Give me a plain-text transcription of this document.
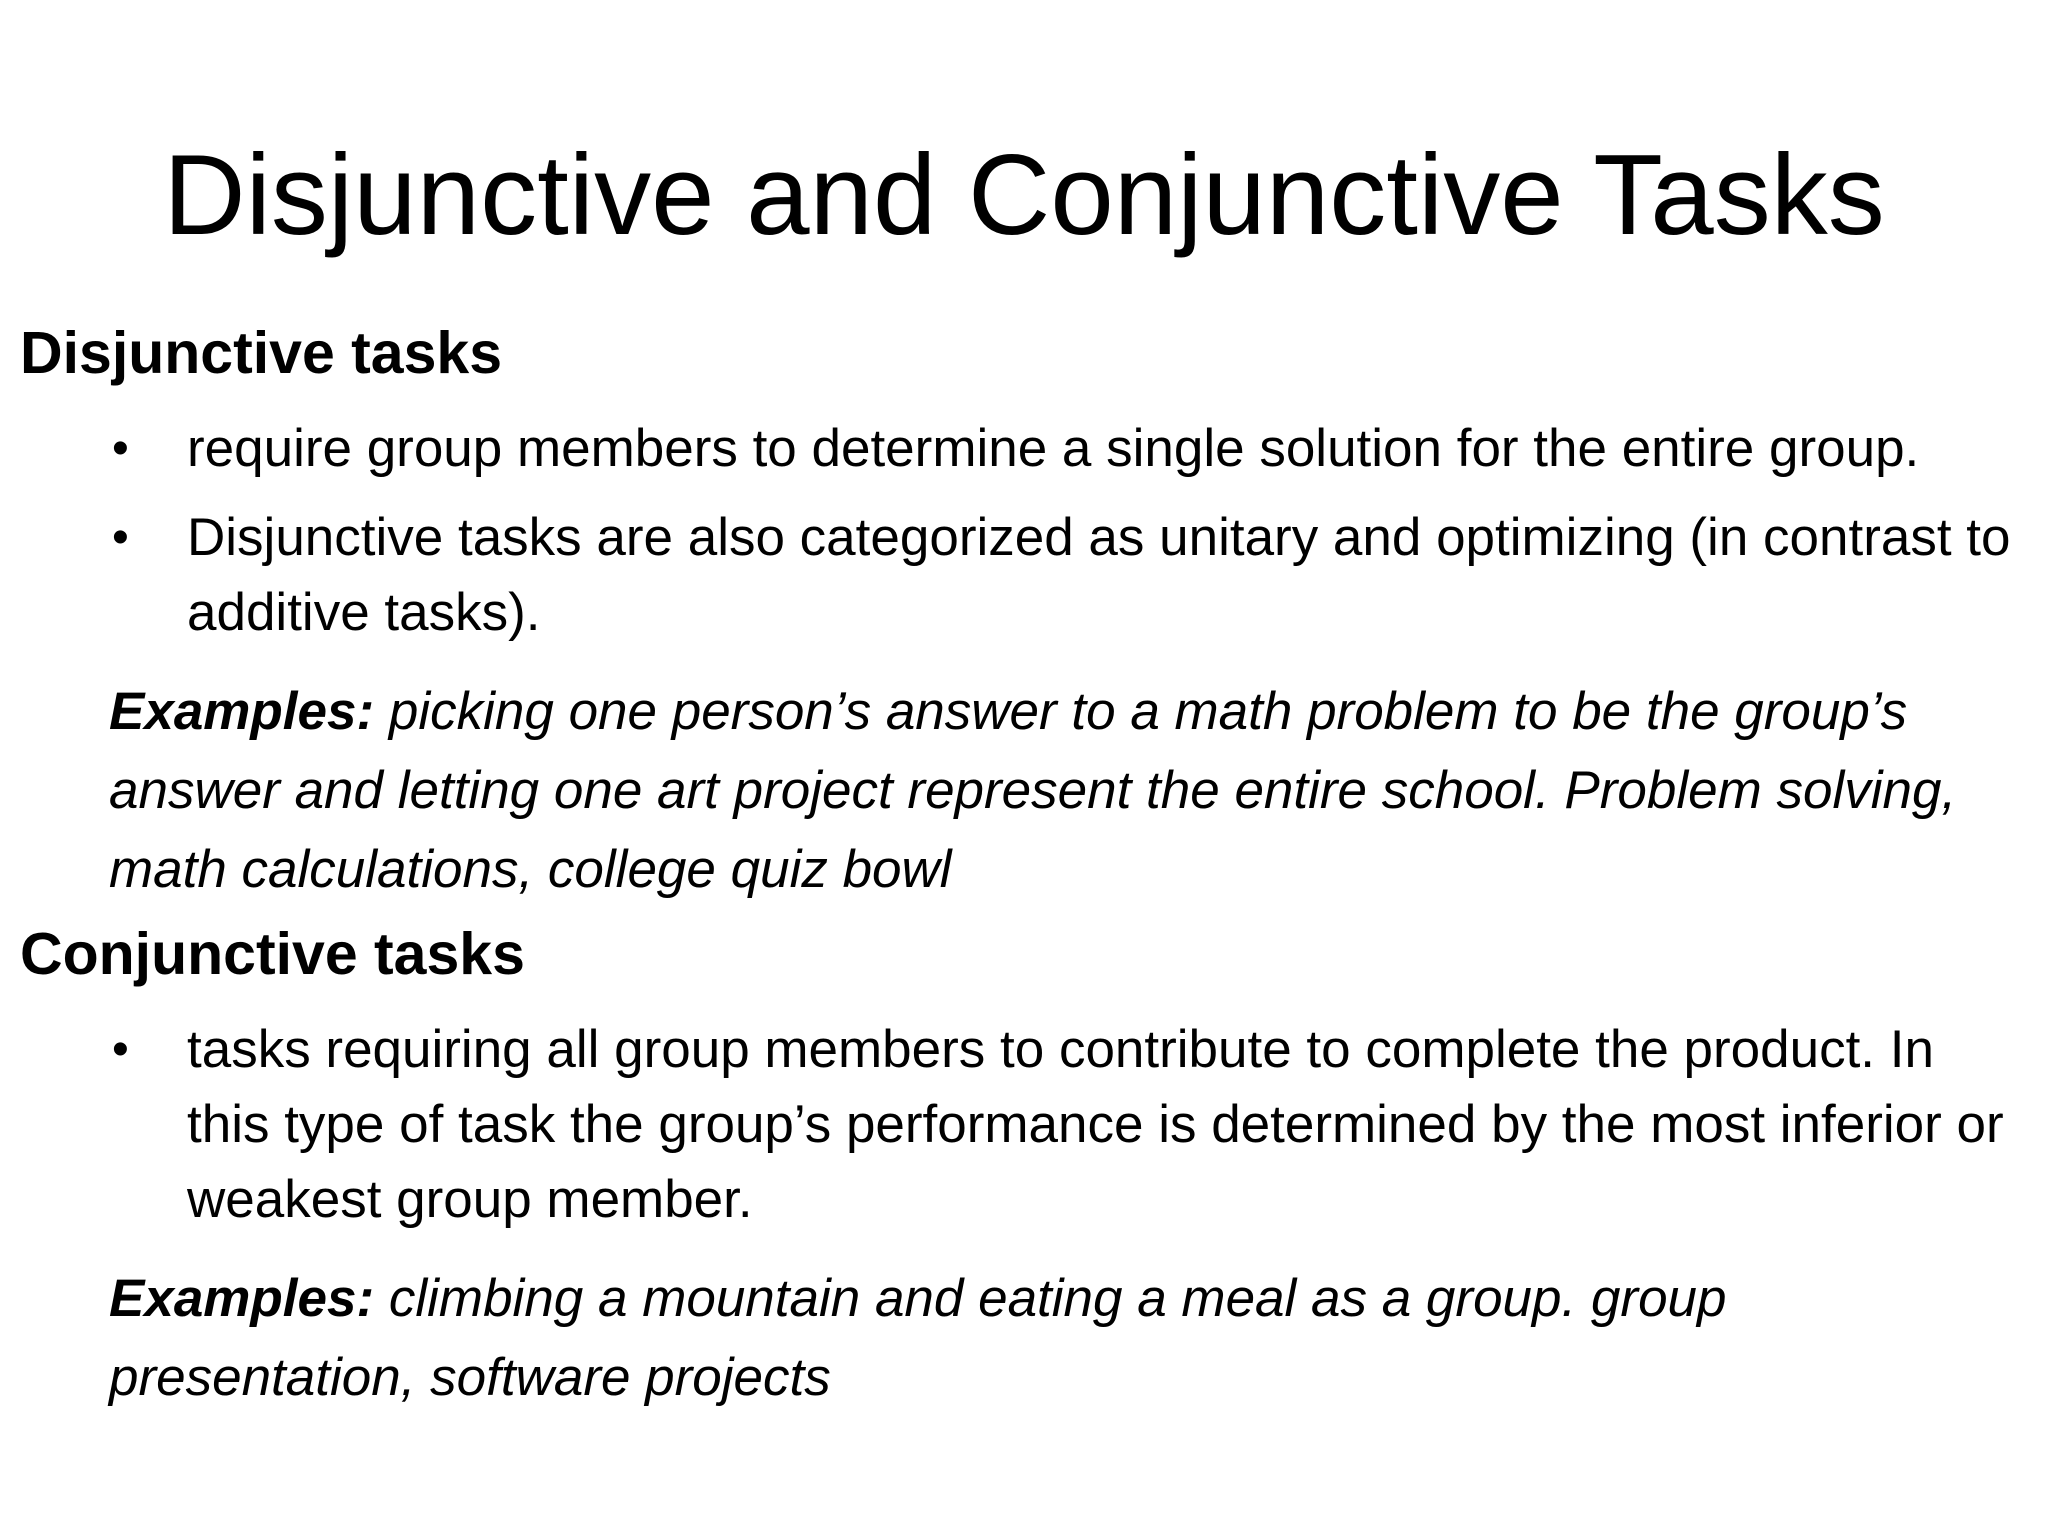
Disjunctive and Conjunctive Tasks
Disjunctive tasks
• require group members to determine a single solution for the entire group.
• Disjunctive tasks are also categorized as unitary and optimizing (in contrast to additive tasks).

Examples: picking one person’s answer to a math problem to be the group’s answer and letting one art project represent the entire school. Problem solving, math calculations, college quiz bowl

Conjunctive tasks
• tasks requiring all group members to contribute to complete the product. In this type of task the group’s performance is determined by the most inferior or weakest group member.

Examples: climbing a mountain and eating a meal as a group. group presentation, software projects
